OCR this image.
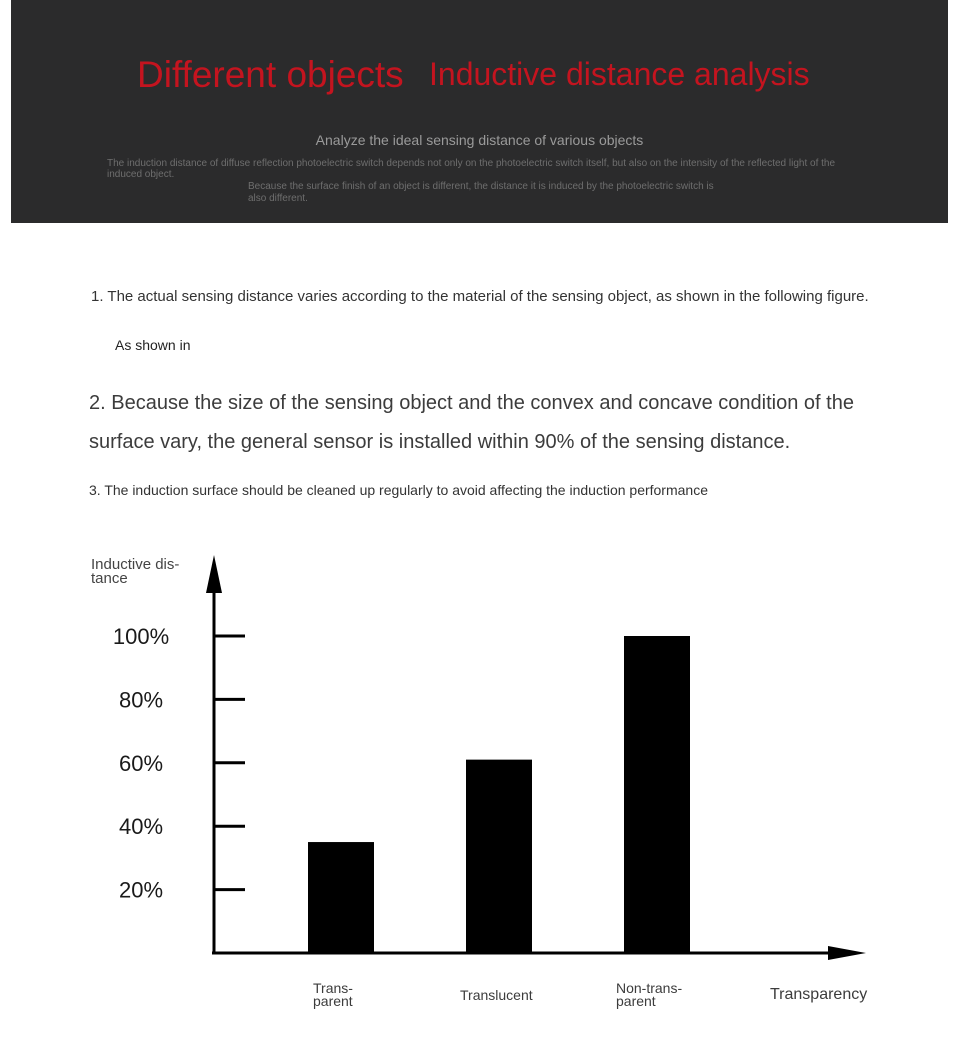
Different objects Inductive distance analysis
Analyze the ideal sensing distance of various objects
The induction distance of diffuse reflection photoelectric switch depends not only on the photoelectric switch itself, but also on the intensity of the reflected light of the induced object.
Because the surface finish of an object is different, the distance it is induced by the photoelectric switch is also different.
1. The actual sensing distance varies according to the material of the sensing object, as shown in the following figure.
As shown in
2. Because the size of the sensing object and the convex and concave condition of the surface vary, the general sensor is installed within 90% of the sensing distance.
3. The induction surface should be cleaned up regularly to avoid affecting the induction performance
Inductive dis-tance
20%
40%
60%
80%
100%
Trans-
parent	Translucent	Non-trans-
parent	Transparency
